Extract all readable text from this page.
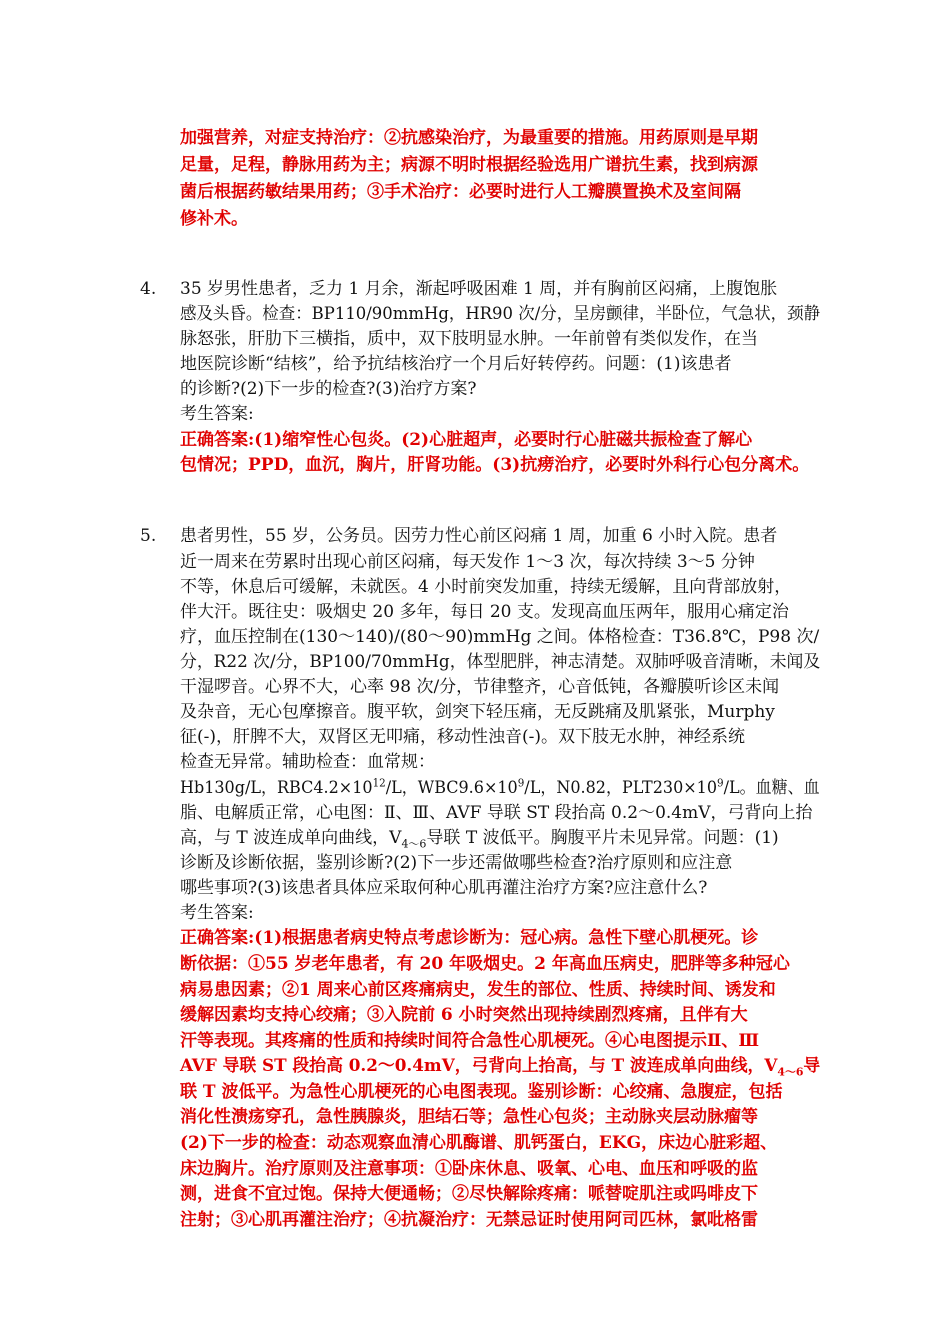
加强营养，对症支持治疗：②抗感染治疗，为最重要的措施。用药原则是早期
足量，足程，静脉用药为主；病源不明时根据经验选用广谱抗生素，找到病源
菌后根据药敏结果用药；③手术治疗：必要时进行人工瓣膜置换术及室间隔
修补术。
4. 35 岁男性患者，乏力 1 月余，渐起呼吸困难 1 周，并有胸前区闷痛，上腹饱胀
感及头昏。检查：BP110/90mmHg，HR90 次/分，呈房颤律，半卧位，气急状，颈静
脉怒张，肝肋下三横指，质中，双下肢明显水肿。一年前曾有类似发作，在当
地医院诊断“结核”，给予抗结核治疗一个月后好转停药。问题：(1)该患者
的诊断?(2)下一步的检查?(3)治疗方案?
考生答案:
正确答案:(1)缩窄性心包炎。(2)心脏超声，必要时行心脏磁共振检查了解心
包情况；PPD，血沉，胸片，肝肾功能。(3)抗痨治疗，必要时外科行心包分离术。
5. 患者男性，55 岁，公务员。因劳力性心前区闷痛 1 周，加重 6 小时入院。患者
近一周来在劳累时出现心前区闷痛，每天发作 1～3 次，每次持续 3～5 分钟
不等，休息后可缓解，未就医。4 小时前突发加重，持续无缓解，且向背部放射，
伴大汗。既往史：吸烟史 20 多年，每日 20 支。发现高血压两年，服用心痛定治
疗，血压控制在(130～140)/(80～90)mmHg 之间。体格检查：T36.8℃，P98 次/
分，R22 次/分，BP100/70mmHg，体型肥胖，神志清楚。双肺呼吸音清晰，未闻及
干湿啰音。心界不大，心率 98 次/分，节律整齐，心音低钝，各瓣膜听诊区未闻
及杂音，无心包摩擦音。腹平软，剑突下轻压痛，无反跳痛及肌紧张，Murphy
征(-)，肝脾不大，双肾区无叩痛，移动性浊音(-)。双下肢无水肿，神经系统
检查无异常。辅助检查：血常规：
Hb130g/L，$RBC4.2\times 10^{12}/L$，$WBC9.6\times 10^9/L$，N0.82，$PLT230\times 10^9/L$。血糖、血
脂、电解质正常，心电图：Ⅱ、Ⅲ、AVF 导联 ST 段抬高 0.2～0.4mV，弓背向上抬
高，与 T 波连成单向曲线，$V_{4\sim 6}$导联 T 波低平。胸腹平片未见异常。问题：(1)
诊断及诊断依据，鉴别诊断?(2)下一步还需做哪些检查?治疗原则和应注意
哪些事项?(3)该患者具体应采取何种心肌再灌注治疗方案?应注意什么?
考生答案:
正确答案:(1)根据患者病史特点考虑诊断为：冠心病。急性下壁心肌梗死。诊
断依据：①55 岁老年患者，有 20 年吸烟史。2 年高血压病史，肥胖等多种冠心
病易患因素；②1 周来心前区疼痛病史，发生的部位、性质、持续时间、诱发和
缓解因素均支持心绞痛；③入院前 6 小时突然出现持续剧烈疼痛，且伴有大
汗等表现。其疼痛的性质和持续时间符合急性心肌梗死。④心电图提示Ⅱ、Ⅲ
AVF 导联 ST 段抬高 0.2～0.4mV，弓背向上抬高，与 T 波连成单向曲线，$V_{4\sim 6}$导
联 T 波低平。为急性心肌梗死的心电图表现。鉴别诊断：心绞痛、急腹症，包括
消化性溃疡穿孔，急性胰腺炎，胆结石等；急性心包炎；主动脉夹层动脉瘤等
(2)下一步的检查：动态观察血清心肌酶谱、肌钙蛋白，EKG，床边心脏彩超、
床边胸片。治疗原则及注意事项：①卧床休息、吸氧、心电、血压和呼吸的监
测，进食不宜过饱。保持大便通畅；②尽快解除疼痛：哌替啶肌注或吗啡皮下
注射；③心肌再灌注治疗；④抗凝治疗：无禁忌证时使用阿司匹林，氯吡格雷
